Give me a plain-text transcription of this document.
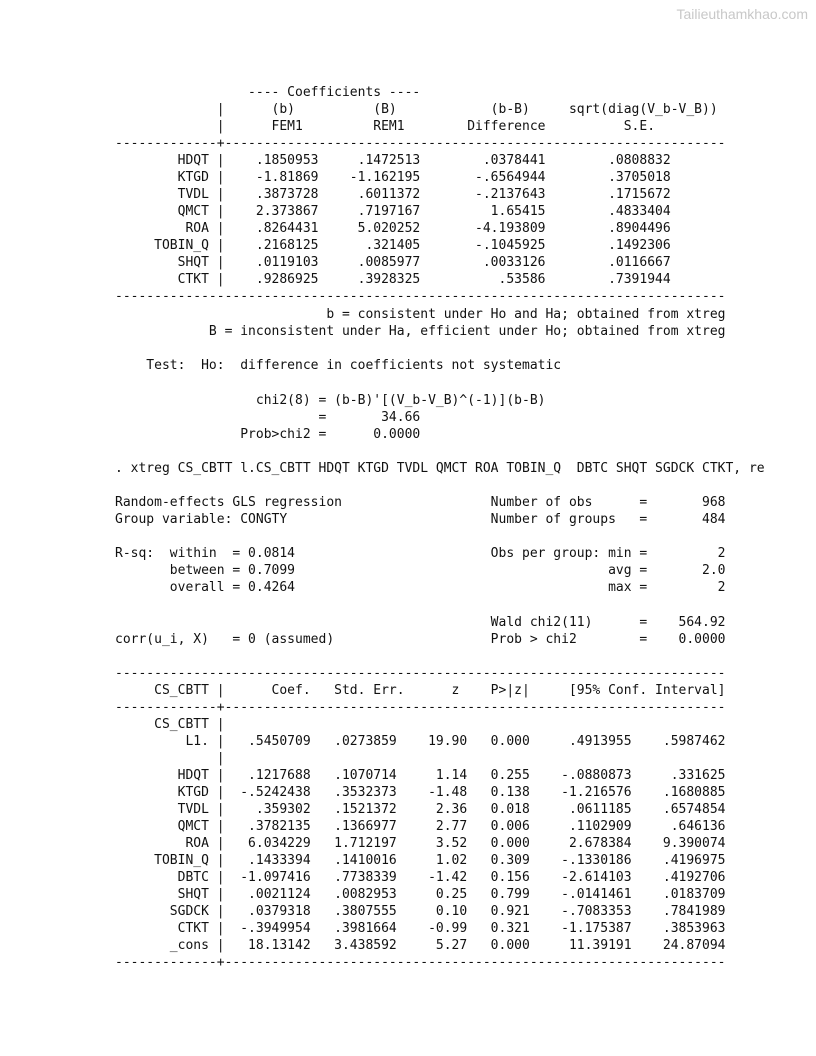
Tailieuthamkhao.com
---- Coefficients ----
|      (b)          (B)            (b-B)     sqrt(diag(V_b-V_B))
|      FEM1         REM1        Difference          S.E.
-------------+----------------------------------------------------------------
HDQT |    .1850953     .1472513        .0378441        .0808832
KTGD |    -1.81869    -1.162195       -.6564944        .3705018
TVDL |    .3873728     .6011372       -.2137643        .1715672
QMCT |    2.373867     .7197167         1.65415        .4833404
ROA |    .8264431     5.020252       -4.193809        .8904496
TOBIN_Q |    .2168125      .321405       -.1045925        .1492306
SHQT |    .0119103     .0085977        .0033126        .0116667
CTKT |    .9286925     .3928325          .53586        .7391944
------------------------------------------------------------------------------
b = consistent under Ho and Ha; obtained from xtreg
B = inconsistent under Ha, efficient under Ho; obtained from xtreg
Test:  Ho:  difference in coefficients not systematic
chi2(8) = (b-B)'[(V_b-V_B)^(-1)](b-B)
=       34.66
Prob>chi2 =      0.0000
. xtreg CS_CBTT l.CS_CBTT HDQT KTGD TVDL QMCT ROA TOBIN_Q  DBTC SHQT SGDCK CTKT, re
Random-effects GLS regression                   Number of obs      =       968
Group variable: CONGTY                          Number of groups   =       484
R-sq:  within  = 0.0814                         Obs per group: min =         2
between = 0.7099                                        avg =       2.0
overall = 0.4264                                        max =         2
Wald chi2(11)      =    564.92
corr(u_i, X)   = 0 (assumed)                    Prob > chi2        =    0.0000
------------------------------------------------------------------------------
CS_CBTT |      Coef.   Std. Err.      z    P>|z|     [95% Conf. Interval]
-------------+----------------------------------------------------------------
CS_CBTT |
L1. |   .5450709   .0273859    19.90   0.000     .4913955    .5987462
|
HDQT |   .1217688   .1070714     1.14   0.255    -.0880873     .331625
KTGD |  -.5242438   .3532373    -1.48   0.138    -1.216576    .1680885
TVDL |    .359302   .1521372     2.36   0.018     .0611185    .6574854
QMCT |   .3782135   .1366977     2.77   0.006     .1102909     .646136
ROA |   6.034229   1.712197     3.52   0.000     2.678384    9.390074
TOBIN_Q |   .1433394   .1410016     1.02   0.309    -.1330186    .4196975
DBTC |  -1.097416   .7738339    -1.42   0.156    -2.614103    .4192706
SHQT |   .0021124   .0082953     0.25   0.799    -.0141461    .0183709
SGDCK |   .0379318   .3807555     0.10   0.921    -.7083353    .7841989
CTKT |  -.3949954   .3981664    -0.99   0.321    -1.175387    .3853963
_cons |   18.13142   3.438592     5.27   0.000     11.39191    24.87094
-------------+----------------------------------------------------------------
